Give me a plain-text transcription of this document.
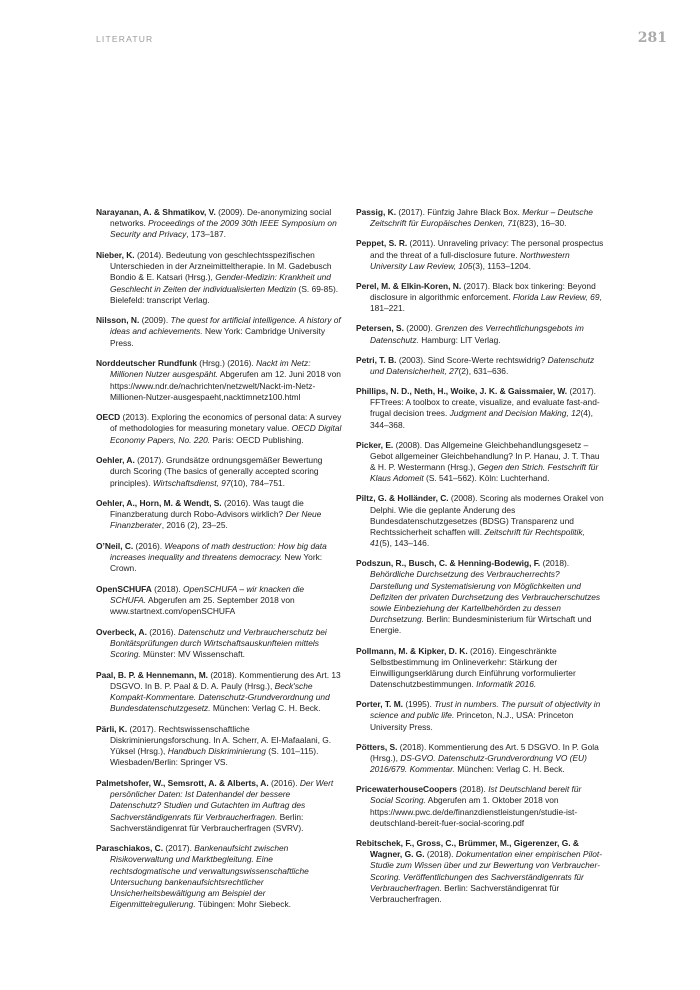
LITERATUR	281

Narayanan, A. & Shmatikov, V. (2009). De-anonymizing social networks. Proceedings of the 2009 30th IEEE Symposium on Security and Privacy, 173–187.

Nieber, K. (2014). Bedeutung von geschlechtsspezifischen Unterschieden in der Arzneimitteltherapie. In M. Gadebusch Bondio & E. Katsari (Hrsg.), Gender-Medizin: Krankheit und Geschlecht in Zeiten der individualisierten Medizin (S. 69-85). Bielefeld: transcript Verlag.

Nilsson, N. (2009). The quest for artificial intelligence. A history of ideas and achievements. New York: Cambridge University Press.

Norddeutscher Rundfunk (Hrsg.) (2016). Nackt im Netz: Millionen Nutzer ausgespäht. Abgerufen am 12. Juni 2018 von https://www.ndr.de/nachrichten/netzwelt/Nackt-im-Netz-Millionen-Nutzer-ausgespaeht,nacktimnetz100.html

OECD (2013). Exploring the economics of personal data: A survey of methodologies for measuring monetary value. OECD Digital Economy Papers, No. 220. Paris: OECD Publishing.

Oehler, A. (2017). Grundsätze ordnungsgemäßer Bewertung durch Scoring (The basics of generally accepted scoring principles). Wirtschaftsdienst, 97(10), 784–751.

Oehler, A., Horn, M. & Wendt, S. (2016). Was taugt die Finanzberatung durch Robo-Advisors wirklich? Der Neue Finanzberater, 2016 (2), 23–25.

O’Neil, C. (2016). Weapons of math destruction: How big data increases inequality and threatens democracy. New York: Crown.

OpenSCHUFA (2018). OpenSCHUFA – wir knacken die SCHUFA. Abgerufen am 25. September 2018 von www.startnext.com/openSCHUFA

Overbeck, A. (2016). Datenschutz und Verbraucherschutz bei Bonitätsprüfungen durch Wirtschaftsauskunfteien mittels Scoring. Münster: MV Wissenschaft.

Paal, B. P. & Hennemann, M. (2018). Kommentierung des Art. 13 DSGVO. In B. P. Paal & D. A. Pauly (Hrsg.), Beck'sche Kompakt-Kommentare. Datenschutz-Grundverordnung und Bundesdatenschutzgesetz. München: Verlag C. H. Beck.

Pärli, K. (2017). Rechtswissenschaftliche Diskriminierungsforschung. In A. Scherr, A. El-Mafaalani, G. Yüksel (Hrsg.), Handbuch Diskriminierung (S. 101–115). Wiesbaden/Berlin: Springer VS.

Palmetshofer, W., Semsrott, A. & Alberts, A. (2016). Der Wert persönlicher Daten: Ist Datenhandel der bessere Datenschutz? Studien und Gutachten im Auftrag des Sachverständigenrats für Verbraucherfragen. Berlin: Sachverständigenrat für Verbraucherfragen (SVRV).

Paraschiakos, C. (2017). Bankenaufsicht zwischen Risikoverwaltung und Marktbegleitung. Eine rechtsdogmatische und verwaltungswissenschaftliche Untersuchung bankenaufsichtsrechtlicher Unsicherheitsbewältigung am Beispiel der Eigenmittelregulierung. Tübingen: Mohr Siebeck.

Passig, K. (2017). Fünfzig Jahre Black Box. Merkur – Deutsche Zeitschrift für Europäisches Denken, 71(823), 16–30.

Peppet, S. R. (2011). Unraveling privacy: The personal prospectus and the threat of a full-disclosure future. Northwestern University Law Review, 105(3), 1153–1204.

Perel, M. & Elkin-Koren, N. (2017). Black box tinkering: Beyond disclosure in algorithmic enforcement. Florida Law Review, 69, 181–221.

Petersen, S. (2000). Grenzen des Verrechtlichungsgebots im Datenschutz. Hamburg: LIT Verlag.

Petri, T. B. (2003). Sind Score-Werte rechtswidrig? Datenschutz und Datensicherheit, 27(2), 631–636.

Phillips, N. D., Neth, H., Woike, J. K. & Gaissmaier, W. (2017). FFTrees: A toolbox to create, visualize, and evaluate fast-and-frugal decision trees. Judgment and Decision Making, 12(4), 344–368.

Picker, E. (2008). Das Allgemeine Gleichbehandlungsgesetz – Gebot allgemeiner Gleichbehandlung? In P. Hanau, J. T. Thau & H. P. Westermann (Hrsg.), Gegen den Strich. Festschrift für Klaus Adomeit (S. 541–562). Köln: Luchterhand.

Piltz, G. & Holländer, C. (2008). Scoring als modernes Orakel von Delphi. Wie die geplante Änderung des Bundesdatenschutzgesetzes (BDSG) Transparenz und Rechtssicherheit schaffen will. Zeitschrift für Rechtspolitik, 41(5), 143–146.

Podszun, R., Busch, C. & Henning-Bodewig, F. (2018). Behördliche Durchsetzung des Verbraucherrechts? Darstellung und Systematisierung von Möglichkeiten und Defiziten der privaten Durchsetzung des Verbraucherschutzes sowie Einbeziehung der Kartellbehörden zu dessen Durchsetzung. Berlin: Bundesministerium für Wirtschaft und Energie.

Pollmann, M. & Kipker, D. K. (2016). Eingeschränkte Selbstbestimmung im Onlineverkehr: Stärkung der Einwilligungserklärung durch Einführung vorformulierter Datenschutzbestimmungen. Informatik 2016.

Porter, T. M. (1995). Trust in numbers. The pursuit of objectivity in science and public life. Princeton, N.J., USA: Princeton University Press.

Pötters, S. (2018). Kommentierung des Art. 5 DSGVO. In P. Gola (Hrsg.), DS-GVO. Datenschutz-Grundverordnung VO (EU) 2016/679. Kommentar. München: Verlag C. H. Beck.

PricewaterhouseCoopers (2018). Ist Deutschland bereit für Social Scoring. Abgerufen am 1. Oktober 2018 von https://www.pwc.de/de/finanzdienstleistungen/studie-ist-deutschland-bereit-fuer-social-scoring.pdf

Rebitschek, F., Gross, C., Brümmer, M., Gigerenzer, G. & Wagner, G. G. (2018). Dokumentation einer empirischen Pilot-Studie zum Wissen über und zur Bewertung von Verbraucher-Scoring. Veröffentlichungen des Sachverständigenrats für Verbraucherfragen. Berlin: Sachverständigenrat für Verbraucherfragen.
